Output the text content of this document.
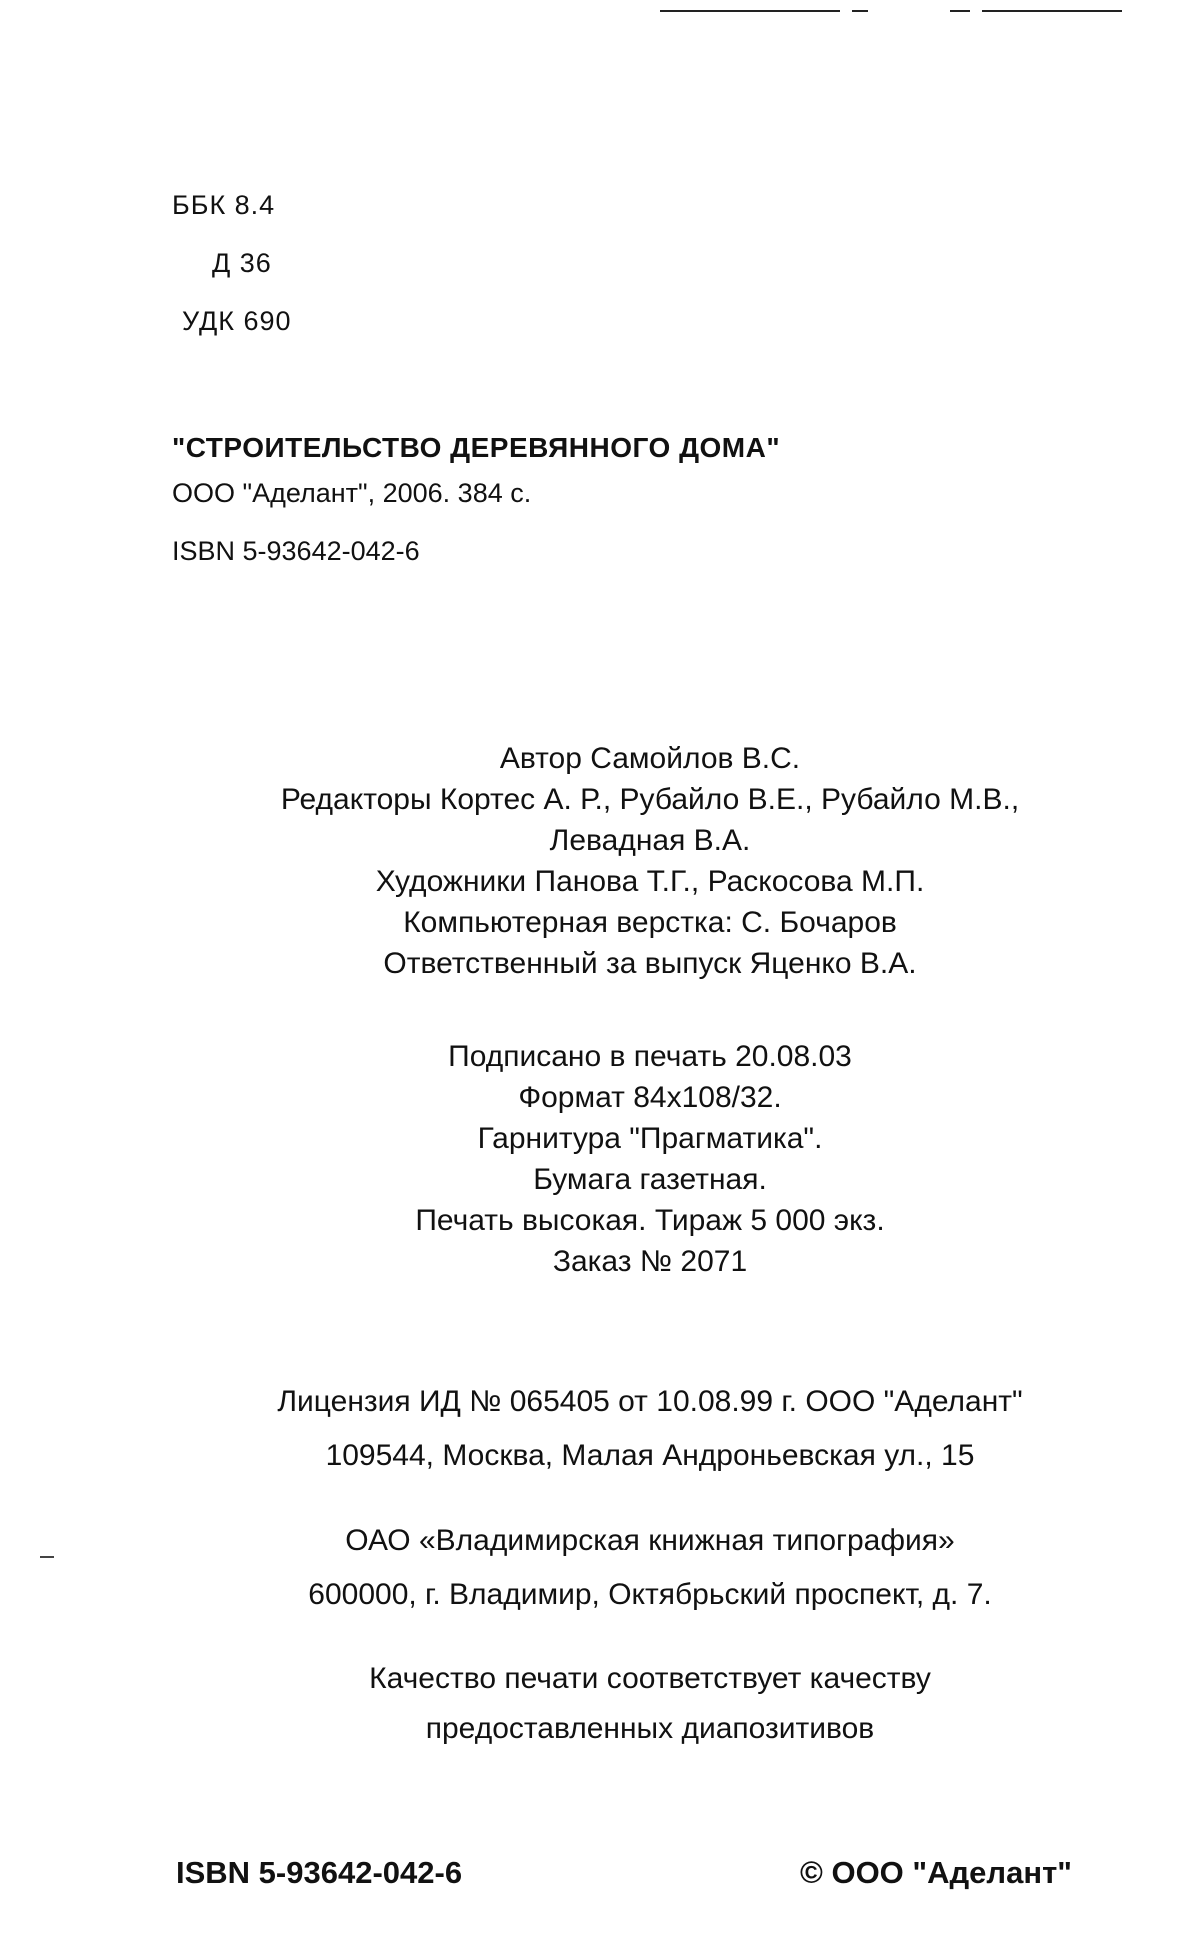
ББК 8.4
Д 36
УДК 690
"СТРОИТЕЛЬСТВО ДЕРЕВЯННОГО ДОМА"
ООО "Аделант", 2006. 384 с.
ISBN 5-93642-042-6
Автор Самойлов В.С.
Редакторы Кортес А. Р., Рубайло В.Е., Рубайло М.В.,
Левадная В.А.
Художники Панова Т.Г., Раскосова М.П.
Компьютерная верстка: С. Бочаров
Ответственный за выпуск Яценко В.А.
Подписано в печать 20.08.03
Формат 84x108/32.
Гарнитура "Прагматика".
Бумага газетная.
Печать высокая. Тираж 5 000 экз.
Заказ № 2071
Лицензия ИД № 065405 от 10.08.99 г. ООО "Аделант"
109544, Москва, Малая Андроньевская ул., 15
ОАО «Владимирская книжная типография»
600000, г. Владимир, Октябрьский проспект, д. 7.
Качество печати соответствует качеству
предоставленных диапозитивов
ISBN 5-93642-042-6	© ООО "Аделант"
